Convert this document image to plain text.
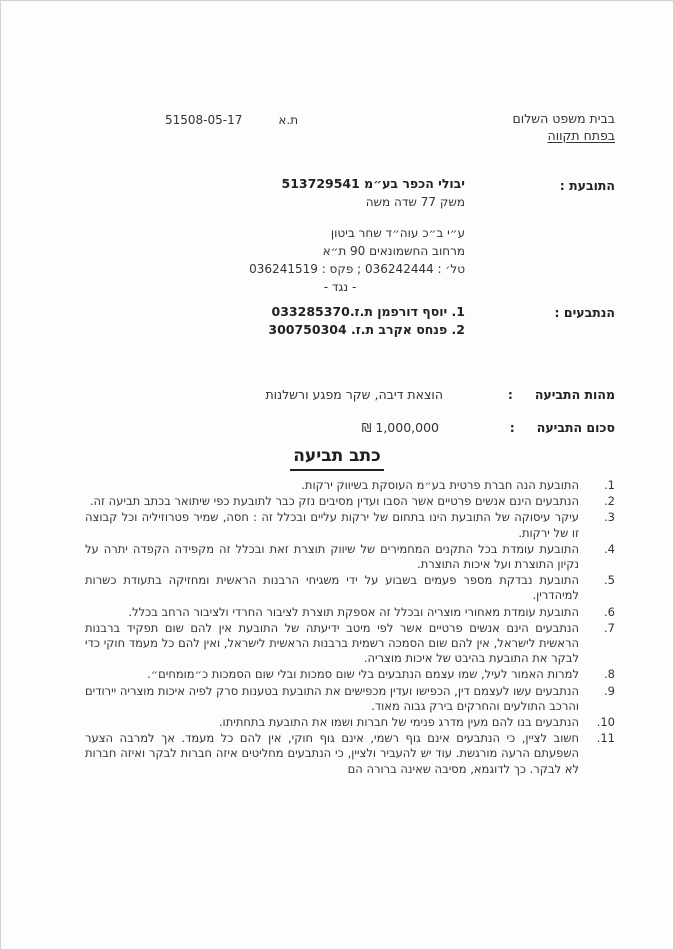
בבית משפט השלום
בפתח תקווה
51508-05-17	ת.א
התובעת :
יבולי הכפר בע״מ 513729541
משק 77 שדה משה
ע״י ב״כ עוה״ד שחר ביטון
מרחוב החשמונאים 90 ת״א
טל׳ : 036242444 ; פקס : 036241519
- נגד -
הנתבעים :
1. יוסף דורפמן ת.ז.033285370
2. פנחס אקרב ת.ז. 300750304
מהות התביעה
:
הוצאת דיבה, שקר מפגע ורשלנות
סכום התביעה
:
1,000,000 ₪
כתב תביעה
1.
התובעת הנה חברת פרטית בע״מ העוסקת בשיווק ירקות.
2.
הנתבעים הינם אנשים פרטיים אשר הסבו ועדין מסיבים נזק כבר לתובעת כפי שיתואר בכתב תביעה זה.
3.
עיקר עיסוקה של התובעת הינו בתחום של ירקות עליים ובכלל זה : חסה, שמיר פטרוזיליה וכל קבוצה זו של ירקות.
4.
התובעת עומדת בכל התקנים המחמירים של שיווק תוצרת זאת ובכלל זה מקפידה הקפדה יתרה על נקיון התוצרת ועל איכות התוצרת.
5.
התובעת נבדקת מספר פעמים בשבוע על ידי משגיחי הרבנות הראשית ומחזיקה בתעודת כשרות למיהדרין.
6.
התובעת עומדת מאחורי מוצריה ובכלל זה אספקת תוצרת לציבור החרדי ולציבור הרחב בכלל.
7.
הנתבעים הינם אנשים פרטיים אשר לפי מיטב ידיעתה של התובעת אין להם שום תפקיד ברבנות הראשית לישראל, אין להם שום הסמכה רשמית ברבנות הראשית לישראל, ואין להם כל מעמד חוקי כדי לבקר את התובעת בהיבט של איכות מוצריה.
8.
למרות האמור לעיל, שמו עצמם הנתבעים בלי שום סמכות ובלי שום הסמכות כ״מומחים״.
9.
הנתבעים עשו לעצמם דין, הכפישו ועדין מכפישים את התובעת בטענות סרק לפיה איכות מוצריה יירודים והרכב התולעים והחרקים בירק גבוה מאוד.
10.
הנתבעים בנו להם מעין מדרג פנימי של חברות ושמו את התובעת בתחתיתו.
11.
חשוב לציין, כי הנתבעים אינם גוף רשמי, אינם גוף חוקי, אין להם כל מעמד. אך למרבה הצער השפעתם הרעה מורגשת. עוד יש להעביר ולציין, כי הנתבעים מחליטים איזה חברות לבקר ואיזה חברות לא לבקר. כך לדוגמא, מסיבה שאינה ברורה הם
